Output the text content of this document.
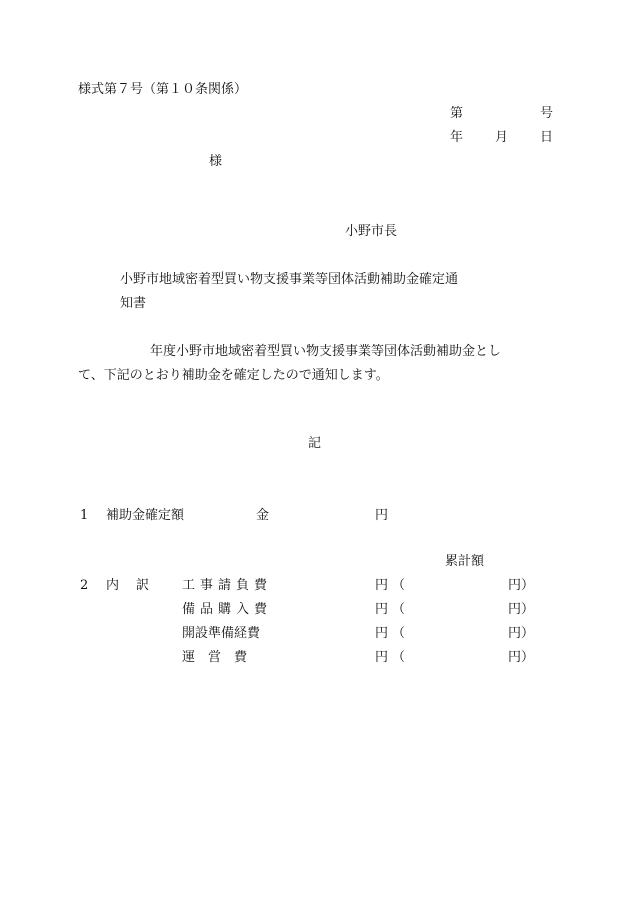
様式第７号（第１０条関係）
第	号
年 月 日
様
小野市長
小野市地域密着型買い物支援事業等団体活動補助金確定通
知書
年度小野市地域密着型買い物支援事業等団体活動補助金とし
て、下記のとおり補助金を確定したので通知します。
記
1 補助金確定額	金	円
累計額
2 内 訳	工事請負費	円 （	円）
備品購入費	円 （	円）
開設準備経費	円 （	円）
運　営　費	円 （	円）
